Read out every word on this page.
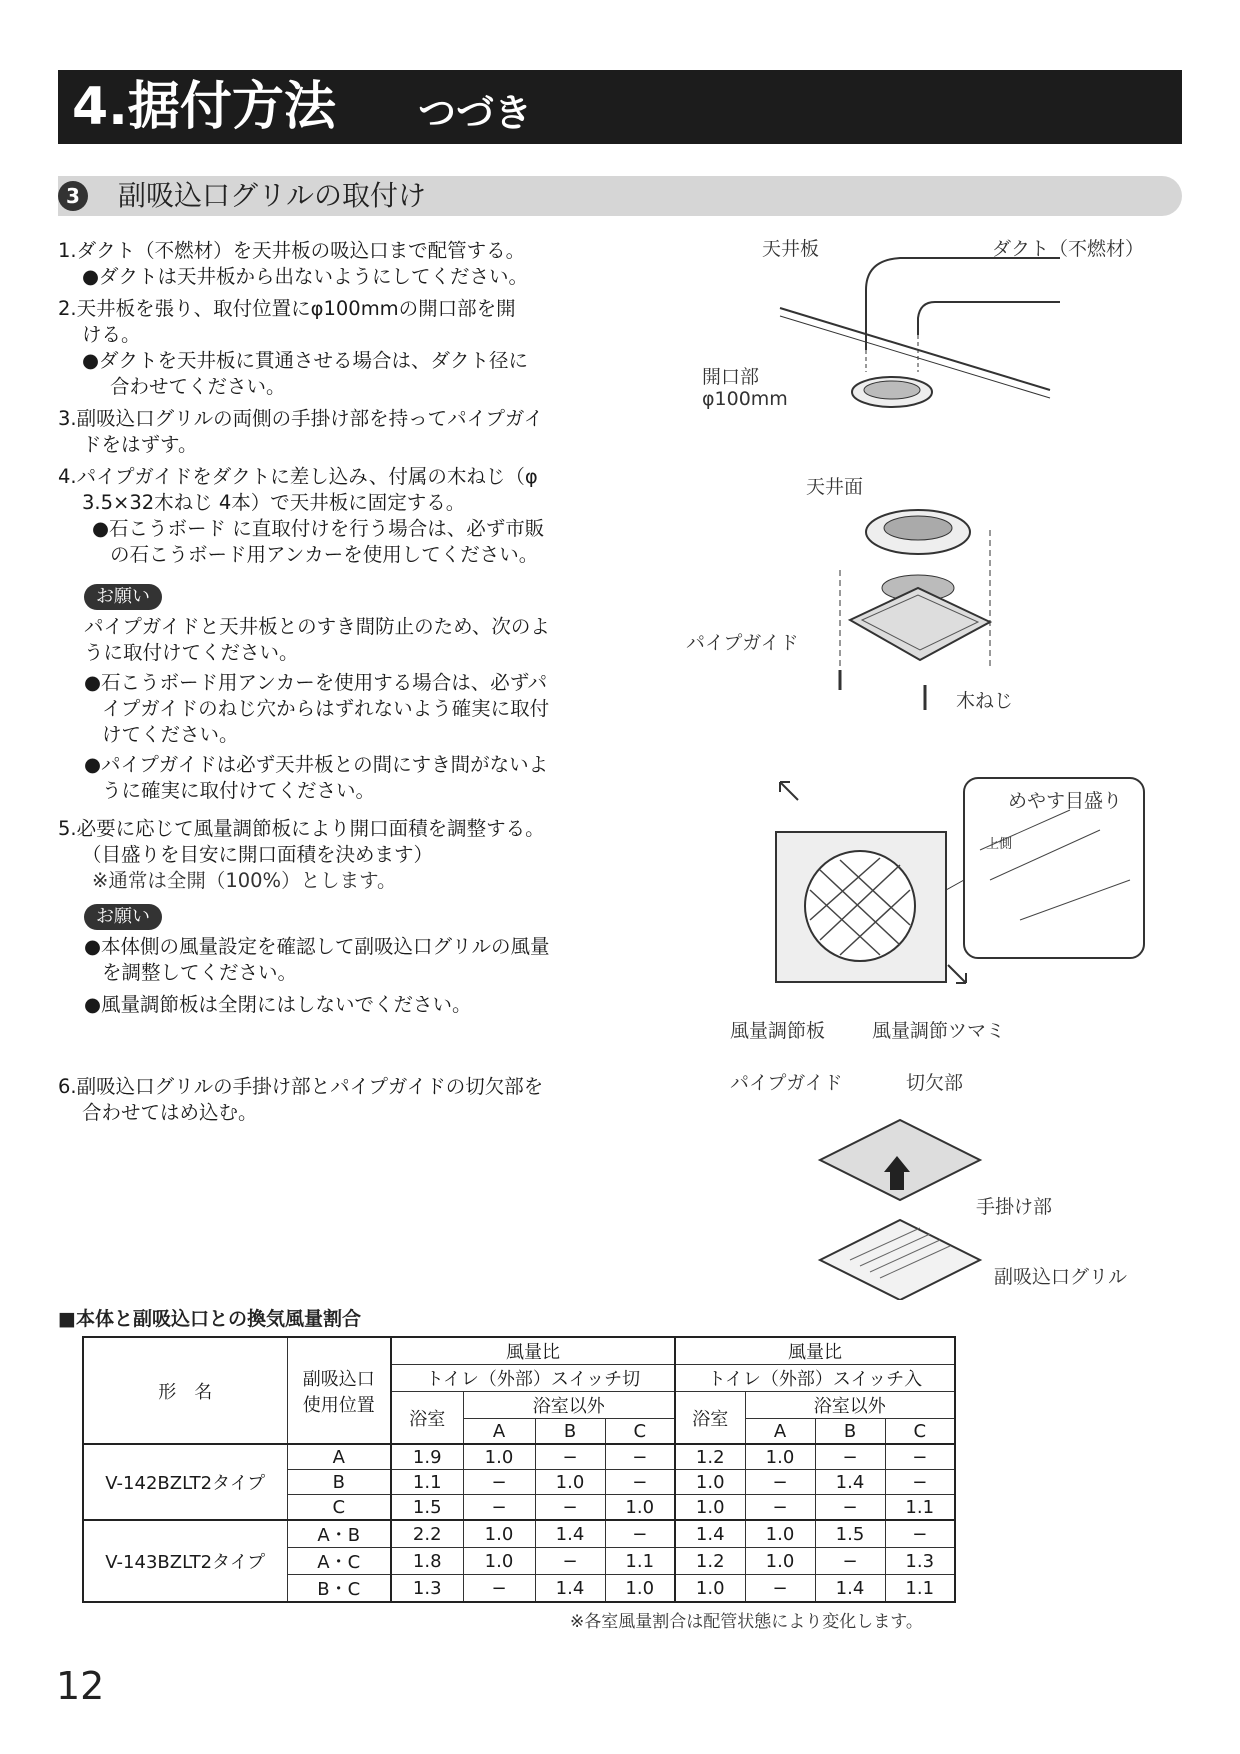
4.据付方法 つづき
3 副吸込口グリルの取付け
1.ダクト（不燃材）を天井板の吸込口まで配管する。
●ダクトは天井板から出ないようにしてください。
2.天井板を張り、取付位置にφ100mmの開口部を開
ける。
●ダクトを天井板に貫通させる場合は、ダクト径に
合わせてください。
3.副吸込口グリルの両側の手掛け部を持ってパイプガイ
ドをはずす。
4.パイプガイドをダクトに差し込み、付属の木ねじ（φ
3.5×32木ねじ 4本）で天井板に固定する。
●石こうボード に直取付けを行う場合は、必ず市販
の石こうボード用アンカーを使用してください。
お願い
パイプガイドと天井板とのすき間防止のため、次のよ
うに取付けてください。
●石こうボード用アンカーを使用する場合は、必ずパ
イプガイドのねじ穴からはずれないよう確実に取付
けてください。
●パイプガイドは必ず天井板との間にすき間がないよ
うに確実に取付けてください。
5.必要に応じて風量調節板により開口面積を調整する。
（目盛りを目安に開口面積を決めます）
※通常は全開（100%）とします。
お願い
●本体側の風量設定を確認して副吸込口グリルの風量
を調整してください。
●風量調節板は全閉にはしないでください。
6.副吸込口グリルの手掛け部とパイプガイドの切欠部を
合わせてはめ込む。
天井板	ダクト（不燃材）
開口部
φ100mm
天井面
パイプガイド
木ねじ
めやす目盛り
上側
風量調節板 風量調節ツマミ
パイプガイド	切欠部
手掛け部
副吸込口グリル
■本体と副吸込口との換気風量割合
形　名	副吸込口
使用位置	風量比				風量比			
		トイレ（外部）スイッチ切				トイレ（外部）スイッチ入			
		浴室	浴室以外			浴室	浴室以外		
			A	B	C		A	B	C
V-142BZLT2タイプ	A	1.9	1.0	−	−	1.2	1.0	−	−
	B	1.1	−	1.0	−	1.0	−	1.4	−
	C	1.5	−	−	1.0	1.0	−	−	1.1
V-143BZLT2タイプ	A・B	2.2	1.0	1.4	−	1.4	1.0	1.5	−
	A・C	1.8	1.0	−	1.1	1.2	1.0	−	1.3
	B・C	1.3	−	1.4	1.0	1.0	−	1.4	1.1
※各室風量割合は配管状態により変化します。
12
